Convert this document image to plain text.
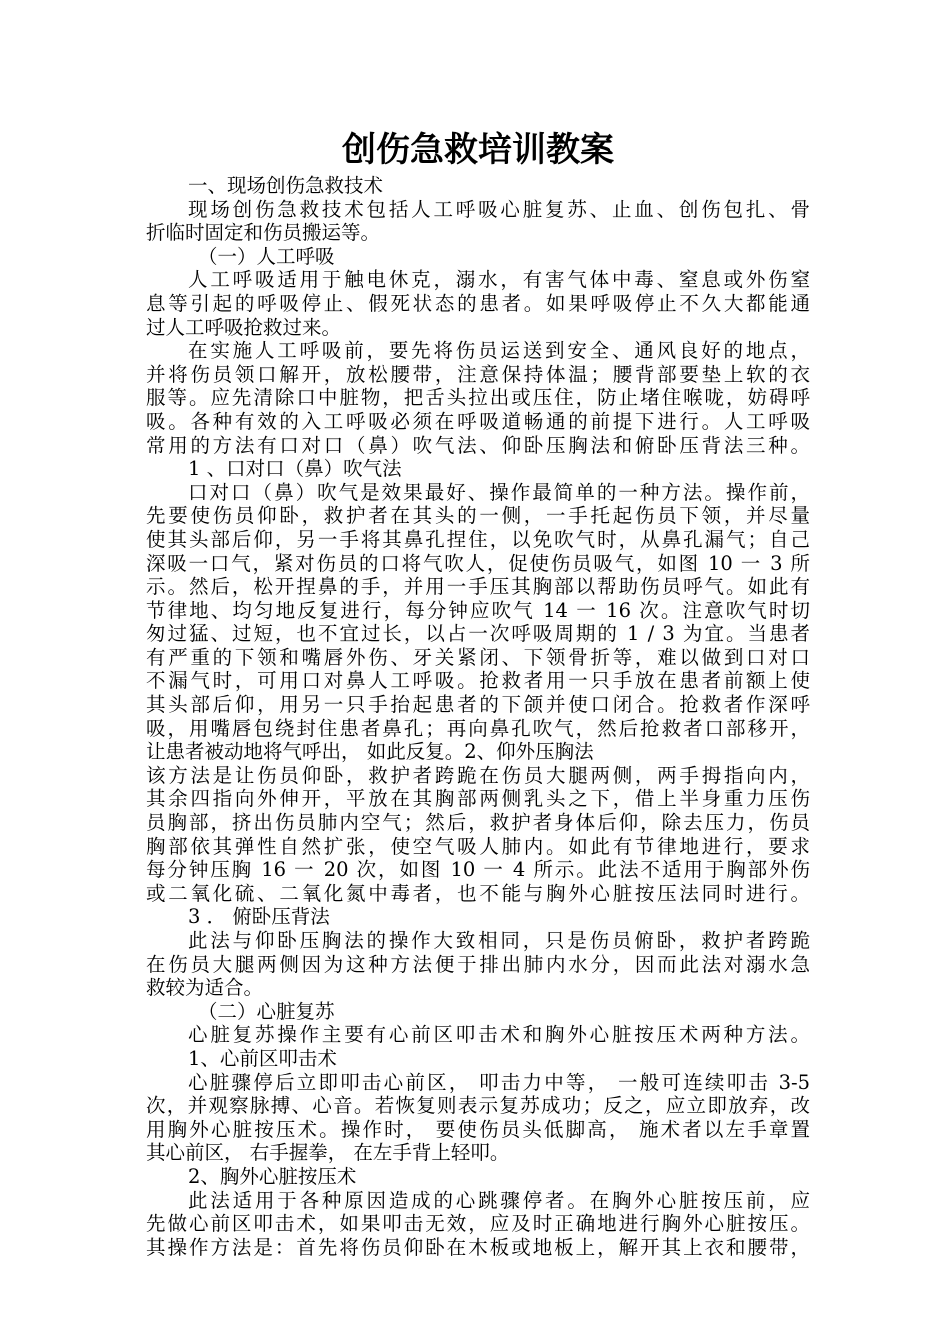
创伤急救培训教案
一、现场创伤急救技术
现场创伤急救技术包括人工呼吸心脏复苏、止血、创伤包扎、骨
折临时固定和伤员搬运等。
（一）人工呼吸
人工呼吸适用于触电休克，溺水，有害气体中毒、窒息或外伤窒
息等引起的呼吸停止、假死状态的患者。如果呼吸停止不久大都能通
过人工呼吸抢救过来。
在实施人工呼吸前，要先将伤员运送到安全、通风良好的地点，
并将伤员领口解开，放松腰带，注意保持体温；腰背部要垫上软的衣
服等。应先清除口中脏物，把舌头拉出或压住，防止堵住喉咙，妨碍呼
吸。各种有效的入工呼吸必须在呼吸道畅通的前提下进行。人工呼吸
常用的方法有口对口（鼻）吹气法、仰卧压胸法和俯卧压背法三种。
1 、口对口（鼻）吹气法
口对口（鼻）吹气是效果最好、操作最简单的一种方法。操作前，
先要使伤员仰卧，救护者在其头的一侧，一手托起伤员下领，并尽量
使其头部后仰，另一手将其鼻孔捏住，以免吹气时，从鼻孔漏气；自己
深吸一口气，紧对伤员的口将气吹人，促使伤员吸气，如图 10 一 3 所
示。然后，松开捏鼻的手，并用一手压其胸部以帮助伤员呼气。如此有
节律地、均匀地反复进行，每分钟应吹气 14 一 16 次。注意吹气时切
匆过猛、过短，也不宜过长，以占一次呼吸周期的 1 / 3 为宜。当患者
有严重的下领和嘴唇外伤、牙关紧闭、下领骨折等，难以做到口对口
不漏气时，可用口对鼻人工呼吸。抢救者用一只手放在患者前额上使
其头部后仰，用另一只手抬起患者的下颌并使口闭合。抢救者作深呼
吸，用嘴唇包绕封住患者鼻孔；再向鼻孔吹气，然后抢救者口部移开，
让患者被动地将气呼出， 如此反复。2、仰外压胸法
该方法是让伤员仰卧，救护者跨跪在伤员大腿两侧，两手拇指向内，
其余四指向外伸开，平放在其胸部两侧乳头之下，借上半身重力压伤
员胸部，挤出伤员肺内空气；然后，救护者身体后仰，除去压力，伤员
胸部依其弹性自然扩张，使空气吸人肺内。如此有节律地进行，要求
每分钟压胸 16 一 20 次，如图 10 一 4 所示。此法不适用于胸部外伤
或二氧化硫、二氧化氮中毒者，也不能与胸外心脏按压法同时进行。
3 ． 俯卧压背法
此法与仰卧压胸法的操作大致相同，只是伤员俯卧，救护者跨跪
在伤员大腿两侧因为这种方法便于排出肺内水分，因而此法对溺水急
救较为适合。
（二）心脏复苏
心脏复苏操作主要有心前区叩击术和胸外心脏按压术两种方法。
1、心前区叩击术
心脏骤停后立即叩击心前区， 叩击力中等， 一般可连续叩击 3-5
次，并观察脉搏、心音。若恢复则表示复苏成功；反之，应立即放弃，改
用胸外心脏按压术。操作时， 要使伤员头低脚高， 施术者以左手章置
其心前区， 右手握拳， 在左手背上轻叩。
2、胸外心脏按压术
此法适用于各种原因造成的心跳骤停者。在胸外心脏按压前，应
先做心前区叩击术，如果叩击无效，应及时正确地进行胸外心脏按压。
其操作方法是：首先将伤员仰卧在木板或地板上，解开其上衣和腰带，
